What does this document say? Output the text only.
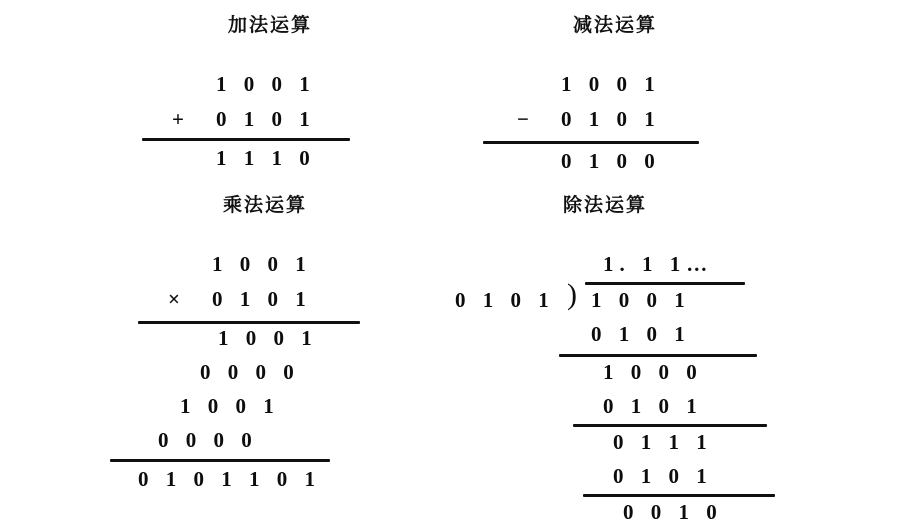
加法运算
1 0 0 1
+ 0 1 0 1
1 1 1 0
减法运算
1 0 0 1
− 0 1 0 1
0 1 0 0
乘法运算
1 0 0 1
× 0 1 0 1
1 0 0 1
0 0 0 0
1 0 0 1
0 0 0 0
0 1 0 1 1 0 1
除法运算
1. 1 1…
0 1 0 1 ) 1 0 0 1
0 1 0 1
1 0 0 0
0 1 0 1
0 1 1 1
0 1 0 1
0 0 1 0
